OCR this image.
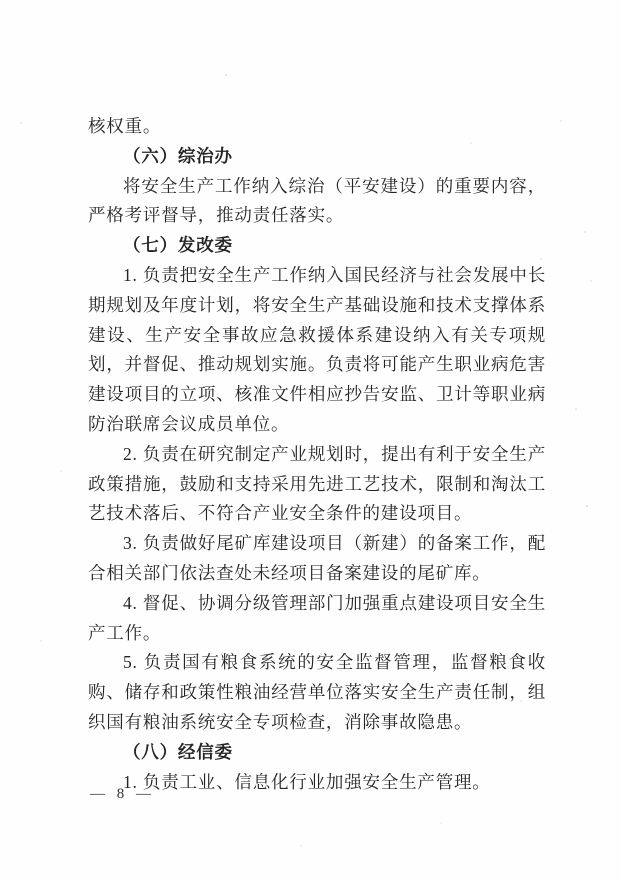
核权重。

（六）综治办

将安全生产工作纳入综治（平安建设）的重要内容，严格考评督导，推动责任落实。

（七）发改委

1. 负责把安全生产工作纳入国民经济与社会发展中长期规划及年度计划，将安全生产基础设施和技术支撑体系建设、生产安全事故应急救援体系建设纳入有关专项规划，并督促、推动规划实施。负责将可能产生职业病危害建设项目的立项、核准文件相应抄告安监、卫计等职业病防治联席会议成员单位。

2. 负责在研究制定产业规划时，提出有利于安全生产政策措施，鼓励和支持采用先进工艺技术，限制和淘汰工艺技术落后、不符合产业安全条件的建设项目。

3. 负责做好尾矿库建设项目（新建）的备案工作，配合相关部门依法查处未经项目备案建设的尾矿库。

4. 督促、协调分级管理部门加强重点建设项目安全生产工作。

5. 负责国有粮食系统的安全监督管理，监督粮食收购、储存和政策性粮油经营单位落实安全生产责任制，组织国有粮油系统安全专项检查，消除事故隐患。

（八）经信委

1. 负责工业、信息化行业加强安全生产管理。

— 8 —
